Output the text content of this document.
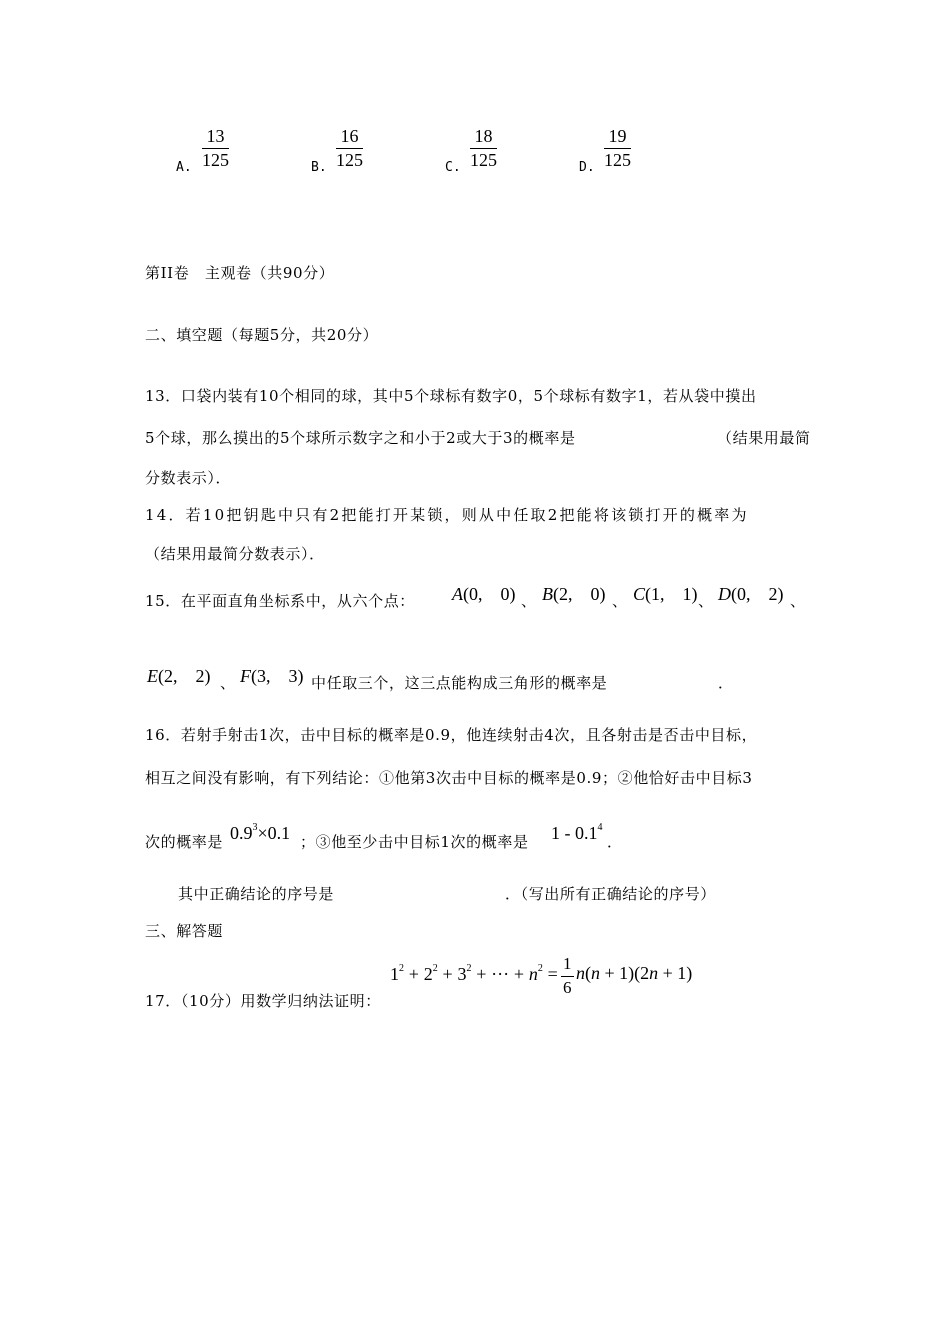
A. $\frac{13}{125}$	B. $\frac{16}{125}$	C. $\frac{18}{125}$	D. $\frac{19}{125}$
第II卷　主观卷（共90分）
二、填空题（每题5分，共20分）
13．口袋内装有10个相同的球，其中5个球标有数字0，5个球标有数字1，若从袋中摸出
5个球，那么摸出的5个球所示数字之和小于2或大于3的概率是	（结果用最简
分数表示）．
14．若10把钥匙中只有2把能打开某锁，则从中任取2把能将该锁打开的概率为
（结果用最简分数表示）．
15．在平面直角坐标系中，从六个点： A(0,　0) 、 B(2,　0) 、 C(1,　1) 、 D(0,　2) 、
E(2,　2) 、 F(3,　3) 中任取三个，这三点能构成三角形的概率是	．
16．若射手射击1次，击中目标的概率是0.9，他连续射击4次，且各射击是否击中目标，
相互之间没有影响，有下列结论：①他第3次击中目标的概率是0.9；②他恰好击中目标3
次的概率是 $0.9^3\times 0.1$ ；③他至少击中目标1次的概率是 $1 - 0.1^4$
．
其中正确结论的序号是	．（写出所有正确结论的序号）
三、解答题
17．（10分）用数学归纳法证明：
$1^2 + 2^2 + 3^2$ + ··· + $n^2 = \frac{1}{6} n(n + 1)(2n + 1)$
